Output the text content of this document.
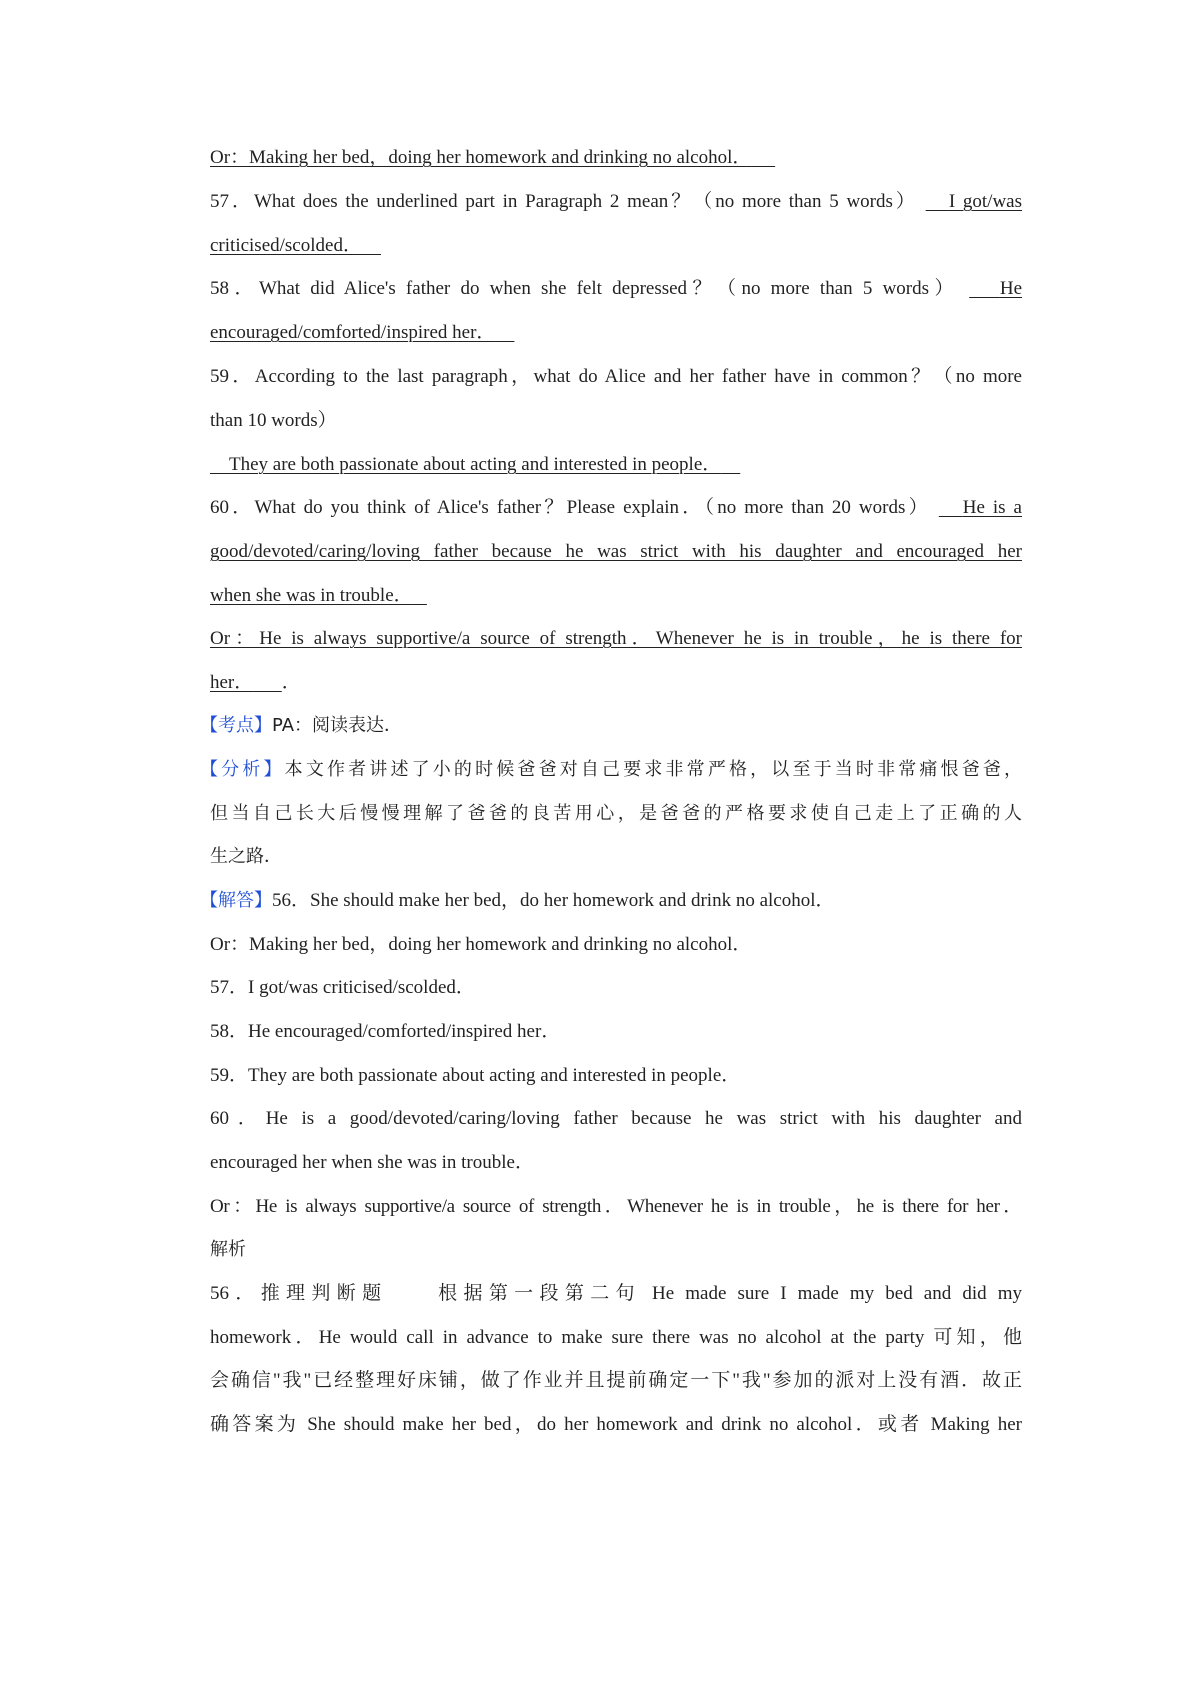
Or：Making her bed，doing her homework and drinking no alcohol．
57．What does the underlined part in Paragraph 2 mean？（no more than 5 words） I got/was
criticised/scolded．
58．What did Alice's father do when she felt depressed？（no more than 5 words） He
encouraged/comforted/inspired her．
59．According to the last paragraph，what do Alice and her father have in common？（no more
than 10 words）
They are both passionate about acting and interested in people．
60．What do you think of Alice's father？Please explain．（no more than 20 words） He is a
good/devoted/caring/loving father because he was strict with his daughter and encouraged her
when she was in trouble．
Or：He is always supportive/a source of strength．Whenever he is in trouble，he is there for
her． ．
【考点】PA：阅读表达．
【分析】本文作者讲述了小的时候爸爸对自己要求非常严格，以至于当时非常痛恨爸爸，
但当自己长大后慢慢理解了爸爸的良苦用心，是爸爸的严格要求使自己走上了正确的人
生之路．
【解答】56．She should make her bed，do her homework and drink no alcohol．
Or：Making her bed，doing her homework and drinking no alcohol．
57．I got/was criticised/scolded．
58．He encouraged/comforted/inspired her．
59．They are both passionate about acting and interested in people．
60．He is a good/devoted/caring/loving father because he was strict with his daughter and
encouraged her when she was in trouble．
Or：He is always supportive/a source of strength．Whenever he is in trouble，he is there for her．
解析
56．推理判断题　　根据第一段第二句 He made sure I made my bed and did my
homework．He would call in advance to make sure there was no alcohol at the party 可知，他
会确信"我"已经整理好床铺，做了作业并且提前确定一下"我"参加的派对上没有酒．故正
确答案为 She should make her bed，do her homework and drink no alcohol．或者 Making her
